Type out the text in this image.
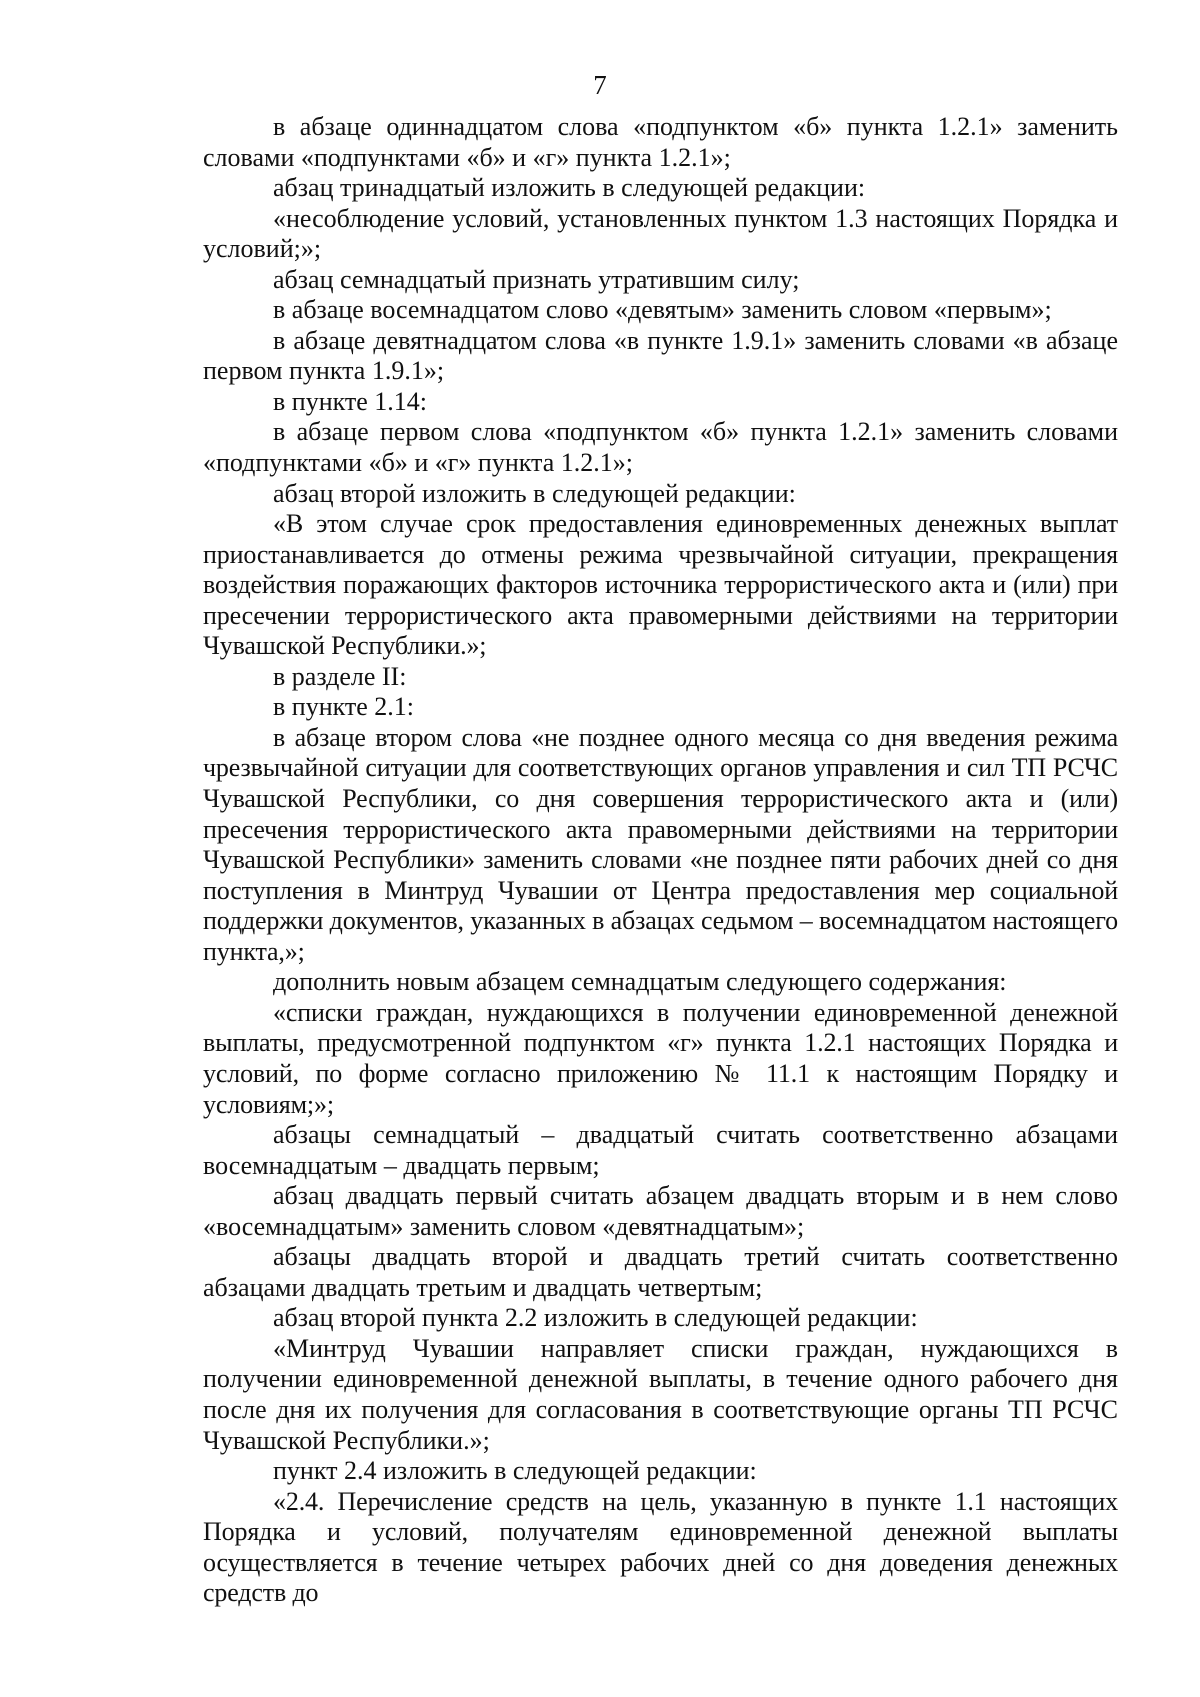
7

в абзаце одиннадцатом слова «подпунктом «б» пункта 1.2.1» заменить словами «подпунктами «б» и «г» пункта 1.2.1»;

абзац тринадцатый изложить в следующей редакции:

«несоблюдение условий, установленных пунктом 1.3 настоящих Порядка и условий;»;

абзац семнадцатый признать утратившим силу;

в абзаце восемнадцатом слово «девятым» заменить словом «первым»;

в абзаце девятнадцатом слова «в пункте 1.9.1» заменить словами «в абзаце первом пункта 1.9.1»;

в пункте 1.14:

в абзаце первом слова «подпунктом «б» пункта 1.2.1» заменить словами «подпунктами «б» и «г» пункта 1.2.1»;

абзац второй изложить в следующей редакции:

«В этом случае срок предоставления единовременных денежных выплат приостанавливается до отмены режима чрезвычайной ситуации, прекращения воздействия поражающих факторов источника террористического акта и (или) при пресечении террористического акта правомерными действиями на территории Чувашской Республики.»;

в разделе II:

в пункте 2.1:

в абзаце втором слова «не позднее одного месяца со дня введения режима чрезвычайной ситуации для соответствующих органов управления и сил ТП РСЧС Чувашской Республики, со дня совершения террористического акта и (или) пресечения террористического акта правомерными действиями на территории Чувашской Республики» заменить словами «не позднее пяти рабочих дней со дня поступления в Минтруд Чувашии от Центра предоставления мер социальной поддержки документов, указанных в абзацах седьмом – восемнадцатом настоящего пункта,»;

дополнить новым абзацем семнадцатым следующего содержания:

«списки граждан, нуждающихся в получении единовременной денежной выплаты, предусмотренной подпунктом «г» пункта 1.2.1 настоящих Порядка и условий, по форме согласно приложению № 11.1 к настоящим Порядку и условиям;»;

абзацы семнадцатый – двадцатый считать соответственно абзацами восемнадцатым – двадцать первым;

абзац двадцать первый считать абзацем двадцать вторым и в нем слово «восемнадцатым» заменить словом «девятнадцатым»;

абзацы двадцать второй и двадцать третий считать соответственно абзацами двадцать третьим и двадцать четвертым;

абзац второй пункта 2.2 изложить в следующей редакции:

«Минтруд Чувашии направляет списки граждан, нуждающихся в получении единовременной денежной выплаты, в течение одного рабочего дня после дня их получения для согласования в соответствующие органы ТП РСЧС Чувашской Республики.»;

пункт 2.4 изложить в следующей редакции:

«2.4. Перечисление средств на цель, указанную в пункте 1.1 настоящих Порядка и условий, получателям единовременной денежной выплаты осуществляется в течение четырех рабочих дней со дня доведения денежных средств до
